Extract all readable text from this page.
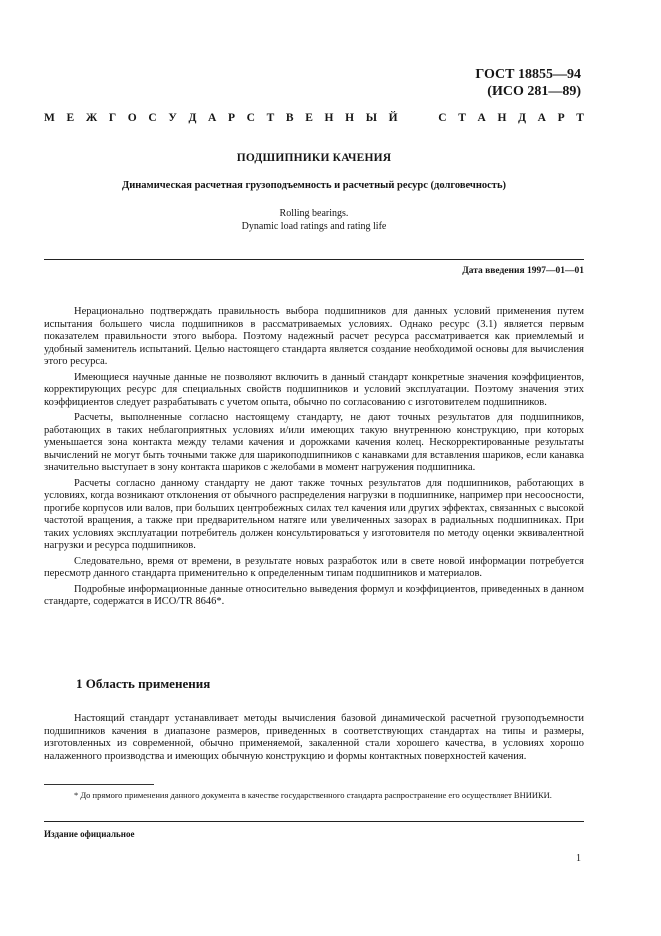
ГОСТ 18855—94
(ИСО 281—89)
М Е Ж Г О С У Д А Р С Т В Е Н Н Ы Й

	С Т А Н Д А Р Т
ПОДШИПНИКИ КАЧЕНИЯ
Динамическая расчетная грузоподъемность и расчетный ресурс (долговечность)
Rolling bearings.
Dynamic load ratings and rating life
Дата введения 1997—01—01

Нерационально подтверждать правильность выбора подшипников для данных условий применения путем испытания большего числа подшипников в рассматриваемых условиях. Однако ресурс (3.1) является первым показателем правильности этого выбора. Поэтому надежный расчет ресурса рассматривается как приемлемый и удобный заменитель испытаний. Целью настоящего стандарта является создание необходимой основы для вычисления этого ресурса.

Имеющиеся научные данные не позволяют включить в данный стандарт конкретные значения коэффициентов, корректирующих ресурс для специальных свойств подшипников и условий эксплуатации. Поэтому значения этих коэффициентов следует разрабатывать с учетом опыта, обычно по согласованию с изготовителем подшипников.

Расчеты, выполненные согласно настоящему стандарту, не дают точных результатов для подшипников, работающих в таких неблагоприятных условиях и/или имеющих такую внутреннюю конструкцию, при которых уменьшается зона контакта между телами качения и дорожками качения колец. Нескорректированные результаты вычислений не могут быть точными также для шарикоподшипников с канавками для вставления шариков, если канавка значительно выступает в зону контакта шариков с желобами в момент нагружения подшипника.

Расчеты согласно данному стандарту не дают также точных результатов для подшипников, работающих в условиях, когда возникают отклонения от обычного распределения нагрузки в подшипнике, например при несоосности, прогибе корпусов или валов, при больших центробежных силах тел качения или других эффектах, связанных с высокой частотой вращения, а также при предварительном натяге или увеличенных зазорах в радиальных подшипниках. При таких условиях эксплуатации потребитель должен консультироваться у изготовителя по методу оценки эквивалентной нагрузки и ресурса подшипников.

Следовательно, время от времени, в результате новых разработок или в свете новой информации потребуется пересмотр данного стандарта применительно к определенным типам подшипников и материалов.

Подробные информационные данные относительно выведения формул и коэффициентов, приведенных в данном стандарте, содержатся в ИСО/TR 8646*.

1 Область применения

Настоящий стандарт устанавливает методы вычисления базовой динамической расчетной грузоподъемности подшипников качения в диапазоне размеров, приведенных в соответствующих стандартах на типы и размеры, изготовленных из современной, обычно применяемой, закаленной стали хорошего качества, в условиях хорошо налаженного производства и имеющих обычную конструкцию и формы контактных поверхностей качения.

* До прямого применения данного документа в качестве государственного стандарта распространение его осуществляет ВНИИКИ.

Издание официальное
1
